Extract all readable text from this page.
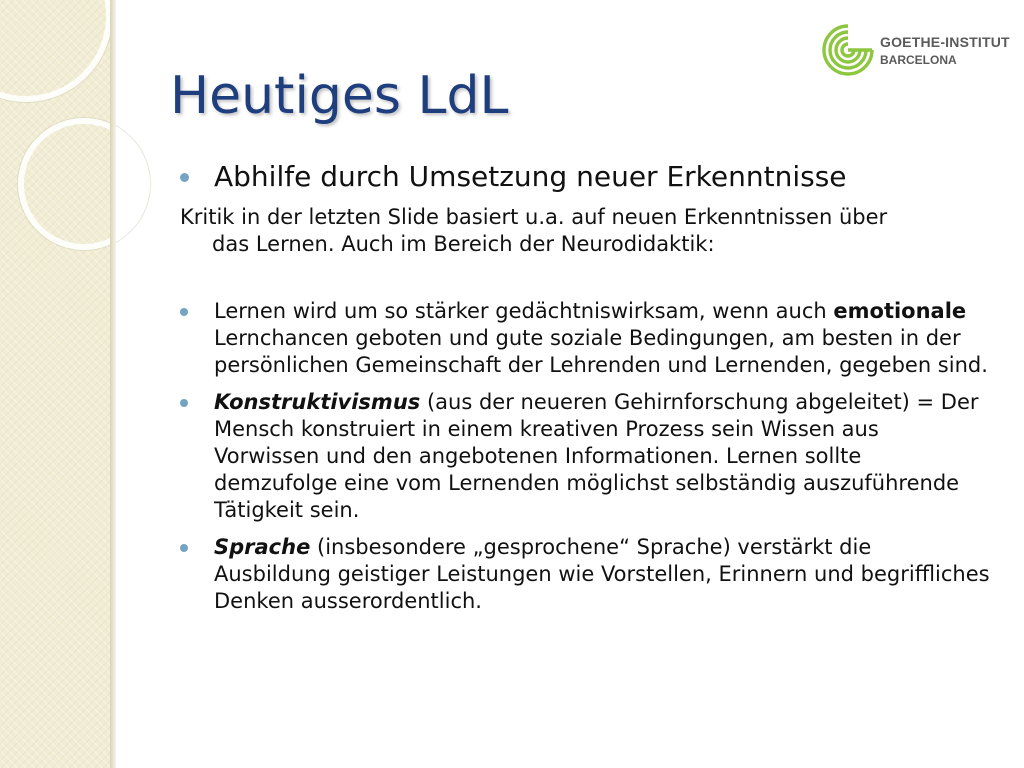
GOETHE-INSTITUT
BARCELONA
Heutiges LdL
Abhilfe durch Umsetzung neuer Erkenntnisse
Kritik in der letzten Slide basiert u.a. auf neuen Erkenntnissen über
das Lernen. Auch im Bereich der Neurodidaktik:
Lernen wird um so stärker gedächtniswirksam, wenn auch emotionale Lernchancen geboten und gute soziale Bedingungen, am besten in der persönlichen Gemeinschaft der Lehrenden und Lernenden, gegeben sind.
Konstruktivismus (aus der neueren Gehirnforschung abgeleitet) = Der Mensch konstruiert in einem kreativen Prozess sein Wissen aus Vorwissen und den angebotenen Informationen. Lernen sollte demzufolge eine vom Lernenden möglichst selbständig auszuführende Tätigkeit sein.
Sprache (insbesondere „gesprochene“ Sprache) verstärkt die Ausbildung geistiger Leistungen wie Vorstellen, Erinnern und begriffliches Denken ausserordentlich.
